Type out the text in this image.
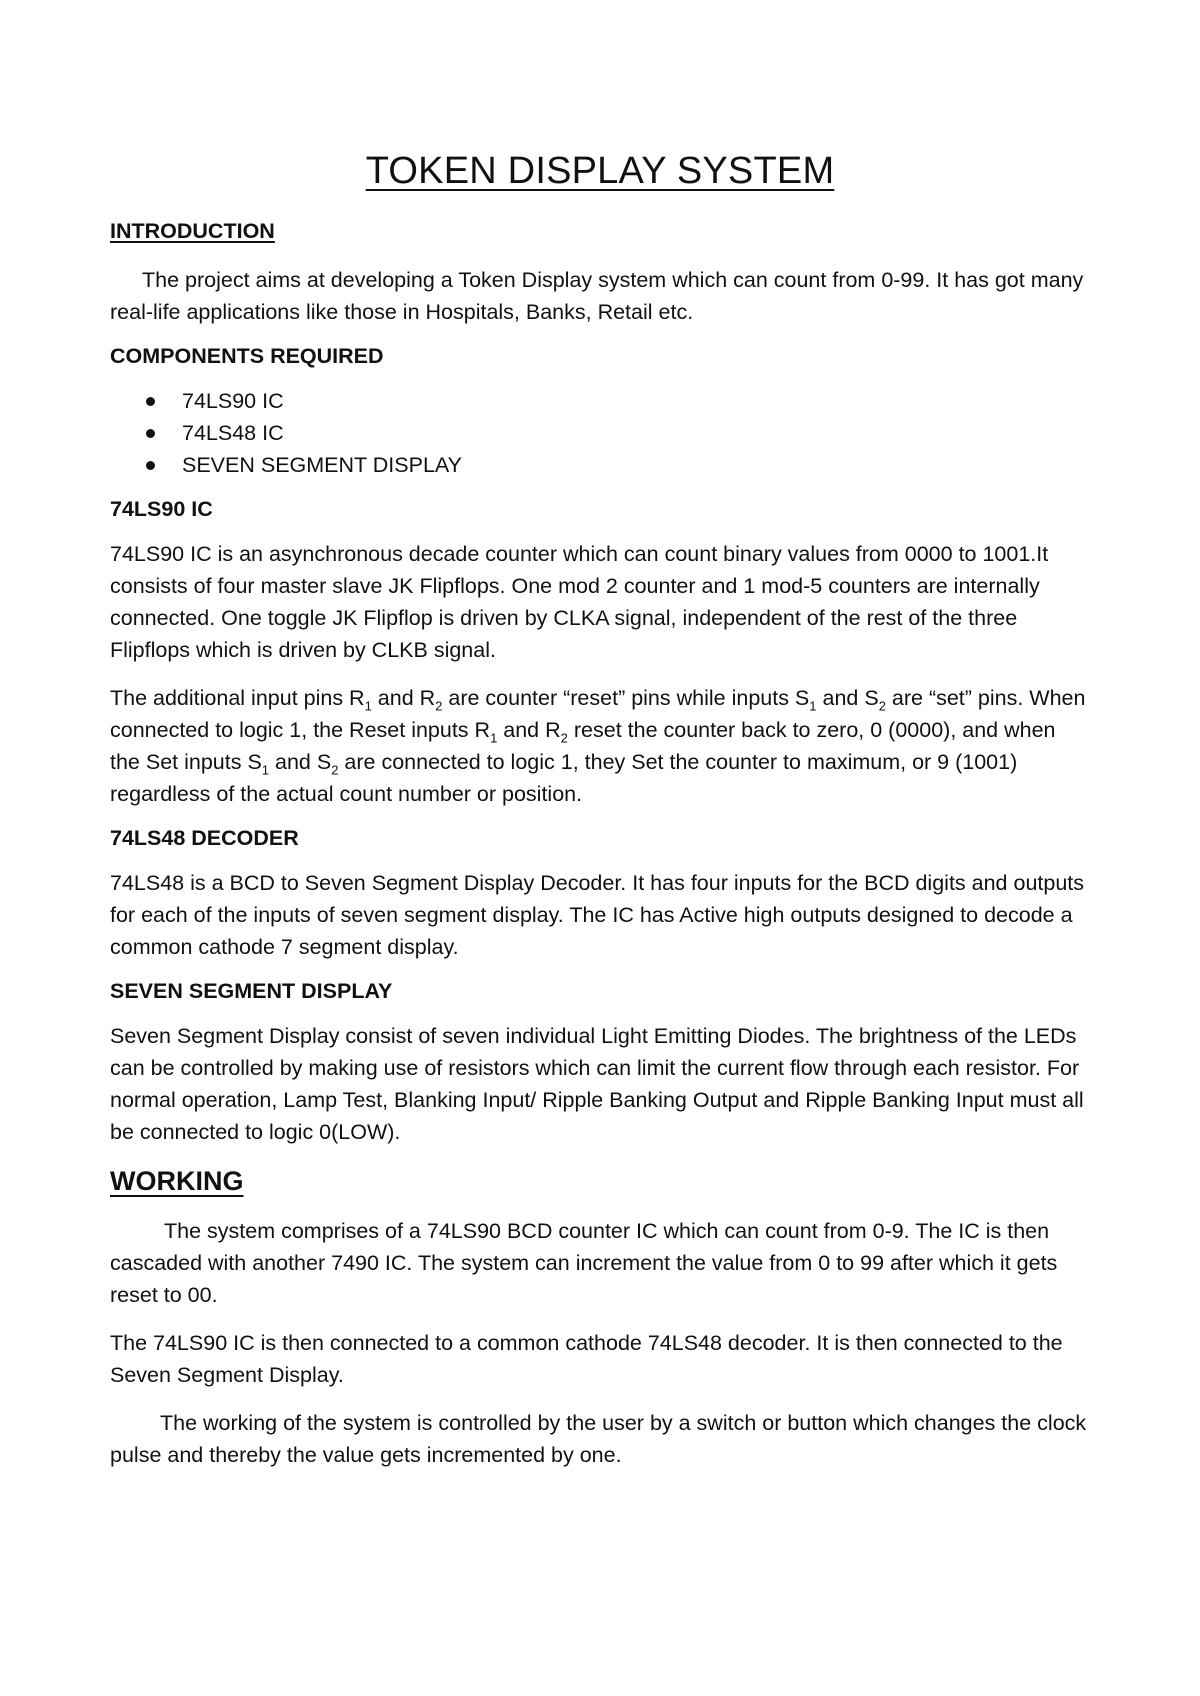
TOKEN DISPLAY SYSTEM
INTRODUCTION

The project aims at developing a Token Display system which can count from 0-99. It has got many real-life applications like those in Hospitals, Banks, Retail etc.

COMPONENTS REQUIRED
74LS90 IC
74LS48 IC
SEVEN SEGMENT DISPLAY
74LS90 IC

74LS90 IC is an asynchronous decade counter which can count binary values from 0000 to 1001.It consists of four master slave JK Flipflops. One mod 2 counter and 1 mod-5 counters are internally connected. One toggle JK Flipflop is driven by CLKA signal, independent of the rest of the three Flipflops which is driven by CLKB signal.

The additional input pins $R_1$ and $R_2$ are counter “reset” pins while inputs $S_1$ and $S_2$ are “set” pins. When connected to logic 1, the Reset inputs $R_1$ and $R_2$ reset the counter back to zero, 0 (0000), and when the Set inputs $S_1$ and $S_2$ are connected to logic 1, they Set the counter to maximum, or 9 (1001) regardless of the actual count number or position.

74LS48 DECODER

74LS48 is a BCD to Seven Segment Display Decoder. It has four inputs for the BCD digits and outputs for each of the inputs of seven segment display. The IC has Active high outputs designed to decode a common cathode 7 segment display.

SEVEN SEGMENT DISPLAY

Seven Segment Display consist of seven individual Light Emitting Diodes. The brightness of the LEDs can be controlled by making use of resistors which can limit the current flow through each resistor. For normal operation, Lamp Test, Blanking Input/ Ripple Banking Output and Ripple Banking Input must all be connected to logic 0(LOW).

WORKING

The system comprises of a 74LS90 BCD counter IC which can count from 0-9. The IC is then cascaded with another 7490 IC. The system can increment the value from 0 to 99 after which it gets reset to 00.

The 74LS90 IC is then connected to a common cathode 74LS48 decoder. It is then connected to the Seven Segment Display.

The working of the system is controlled by the user by a switch or button which changes the clock pulse and thereby the value gets incremented by one.
